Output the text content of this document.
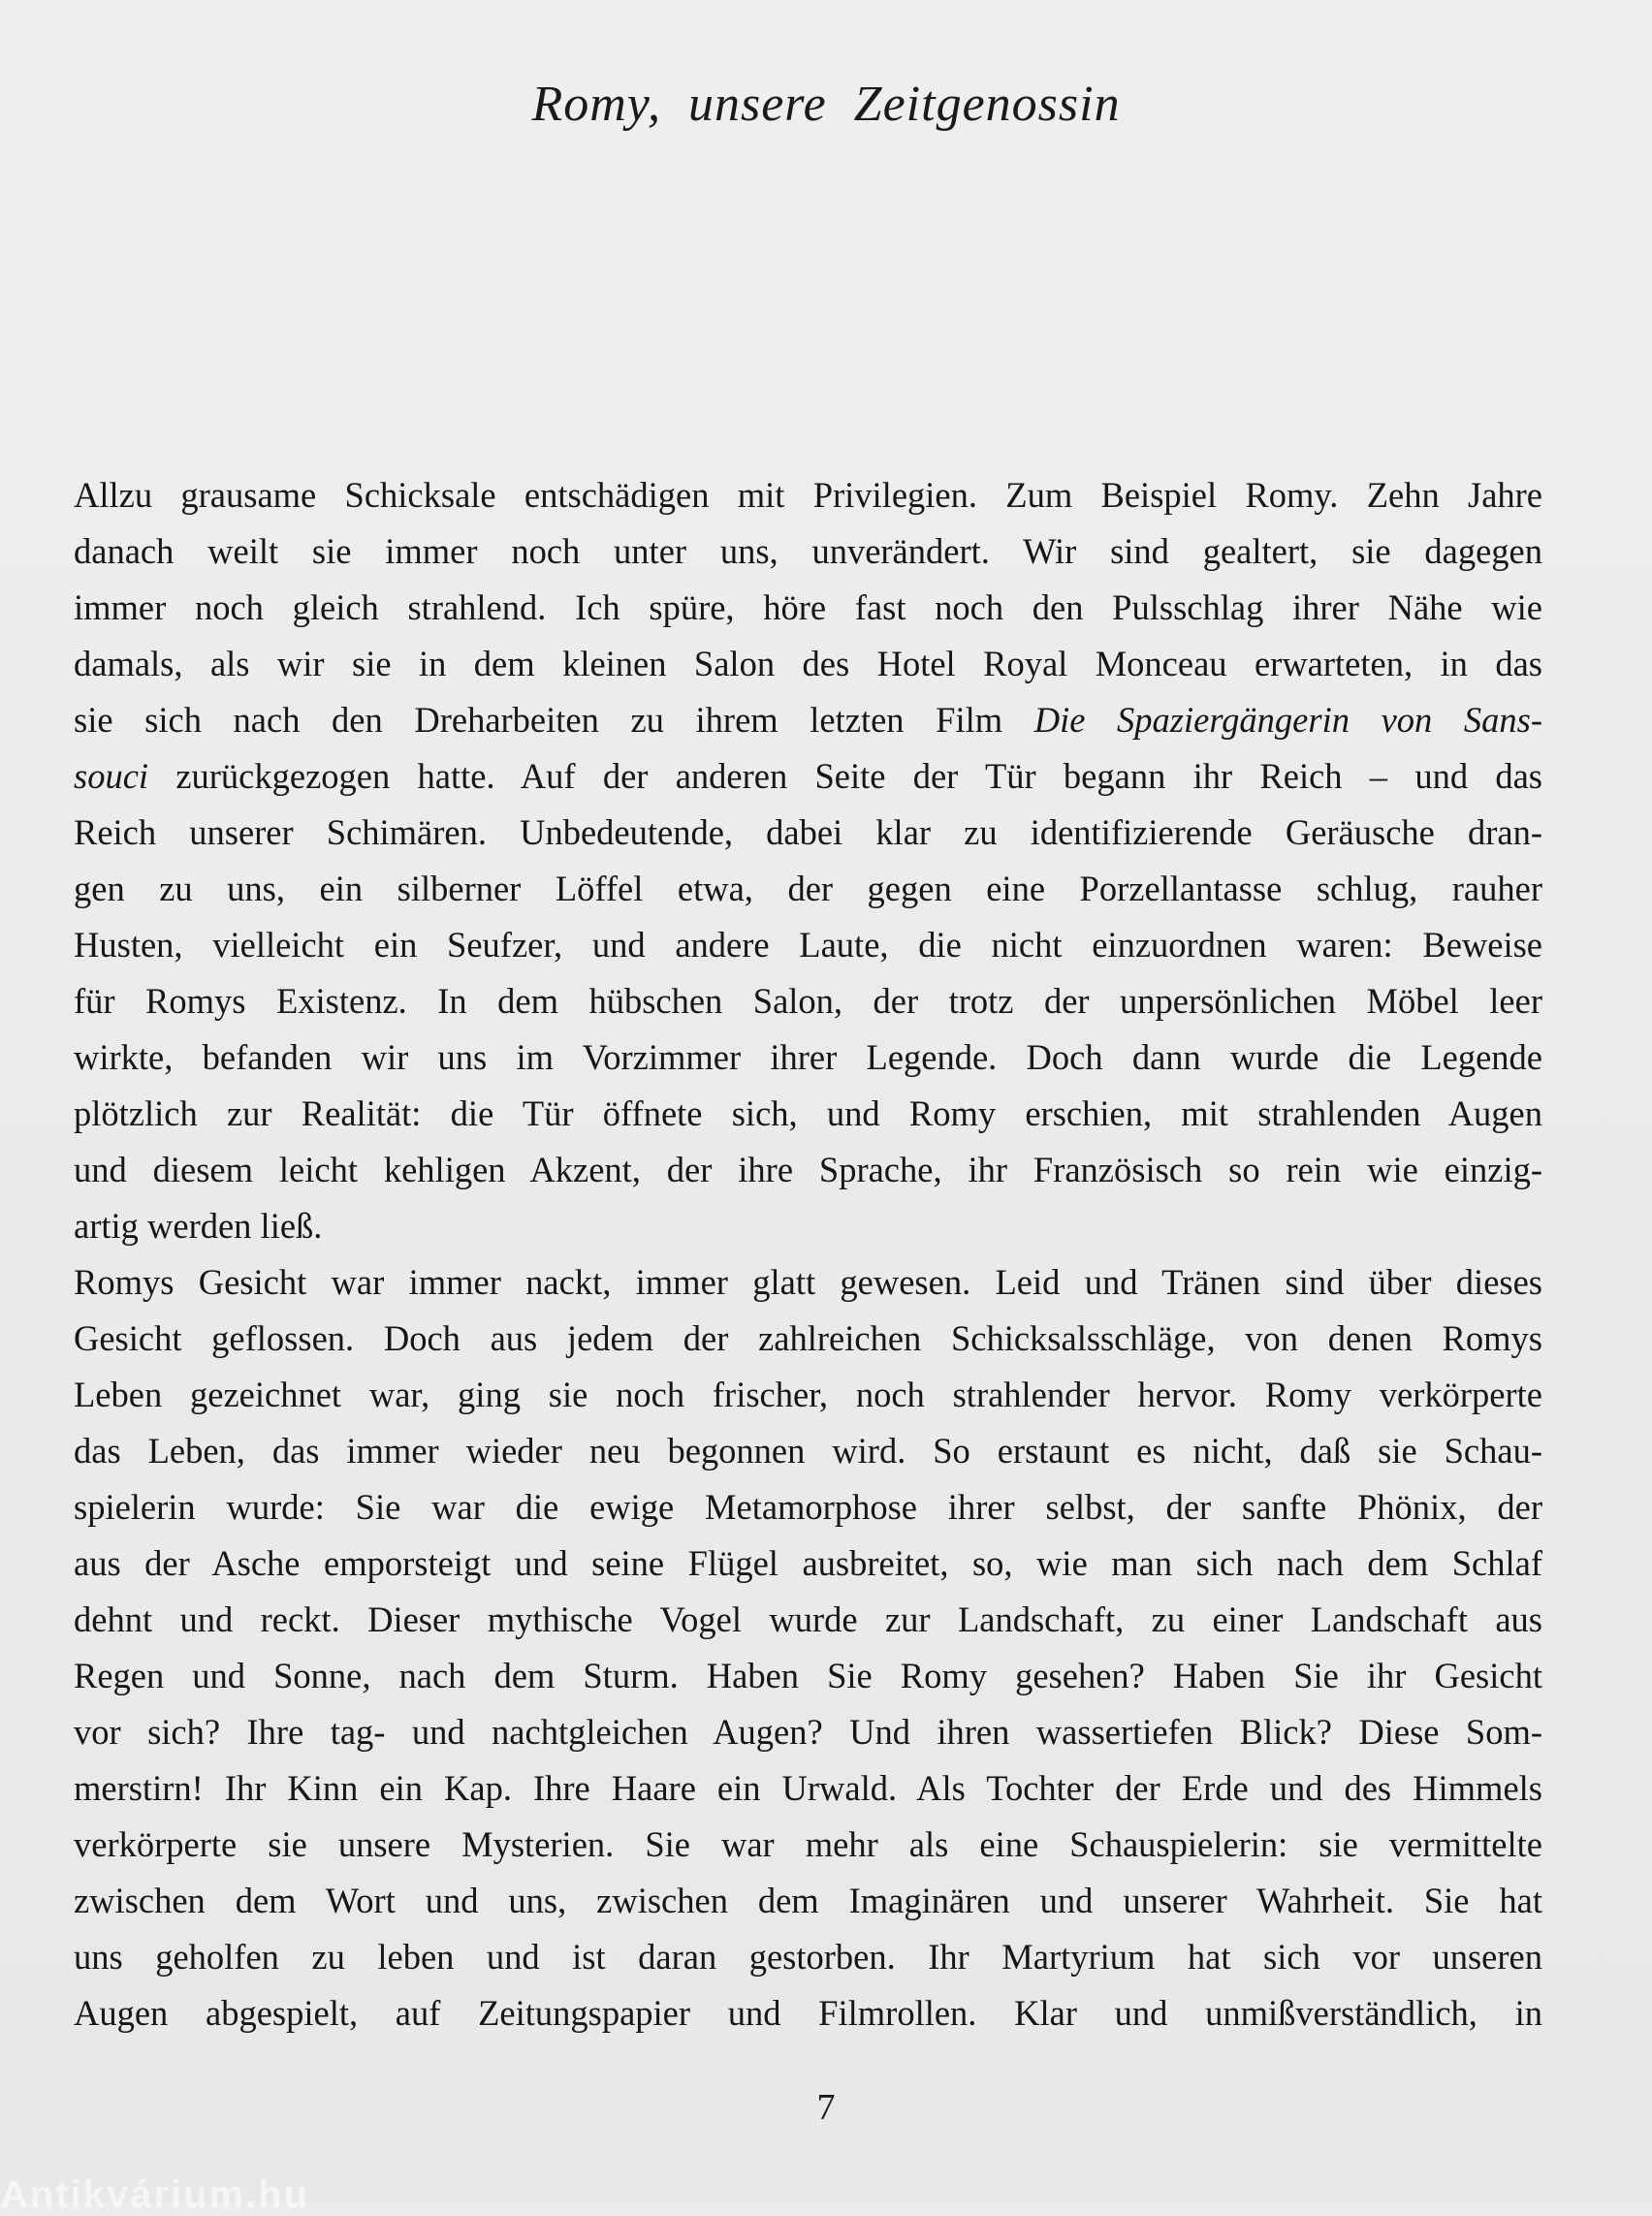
Romy, unsere Zeitgenossin
Allzu grausame Schicksale entschädigen mit Privilegien. Zum Beispiel Romy. Zehn Jahre
danach weilt sie immer noch unter uns, unverändert. Wir sind gealtert, sie dagegen
immer noch gleich strahlend. Ich spüre, höre fast noch den Pulsschlag ihrer Nähe wie
damals, als wir sie in dem kleinen Salon des Hotel Royal Monceau erwarteten, in das
sie sich nach den Dreharbeiten zu ihrem letzten Film Die Spaziergängerin von Sans-
souci zurückgezogen hatte. Auf der anderen Seite der Tür begann ihr Reich – und das
Reich unserer Schimären. Unbedeutende, dabei klar zu identifizierende Geräusche dran-
gen zu uns, ein silberner Löffel etwa, der gegen eine Porzellantasse schlug, rauher
Husten, vielleicht ein Seufzer, und andere Laute, die nicht einzuordnen waren: Beweise
für Romys Existenz. In dem hübschen Salon, der trotz der unpersönlichen Möbel leer
wirkte, befanden wir uns im Vorzimmer ihrer Legende. Doch dann wurde die Legende
plötzlich zur Realität: die Tür öffnete sich, und Romy erschien, mit strahlenden Augen
und diesem leicht kehligen Akzent, der ihre Sprache, ihr Französisch so rein wie einzig-
artig werden ließ.
Romys Gesicht war immer nackt, immer glatt gewesen. Leid und Tränen sind über dieses
Gesicht geflossen. Doch aus jedem der zahlreichen Schicksalsschläge, von denen Romys
Leben gezeichnet war, ging sie noch frischer, noch strahlender hervor. Romy verkörperte
das Leben, das immer wieder neu begonnen wird. So erstaunt es nicht, daß sie Schau-
spielerin wurde: Sie war die ewige Metamorphose ihrer selbst, der sanfte Phönix, der
aus der Asche emporsteigt und seine Flügel ausbreitet, so, wie man sich nach dem Schlaf
dehnt und reckt. Dieser mythische Vogel wurde zur Landschaft, zu einer Landschaft aus
Regen und Sonne, nach dem Sturm. Haben Sie Romy gesehen? Haben Sie ihr Gesicht
vor sich? Ihre tag- und nachtgleichen Augen? Und ihren wassertiefen Blick? Diese Som-
merstirn! Ihr Kinn ein Kap. Ihre Haare ein Urwald. Als Tochter der Erde und des Himmels
verkörperte sie unsere Mysterien. Sie war mehr als eine Schauspielerin: sie vermittelte
zwischen dem Wort und uns, zwischen dem Imaginären und unserer Wahrheit. Sie hat
uns geholfen zu leben und ist daran gestorben. Ihr Martyrium hat sich vor unseren
Augen abgespielt, auf Zeitungspapier und Filmrollen. Klar und unmißverständlich, in
7
Antikvárium.hu
